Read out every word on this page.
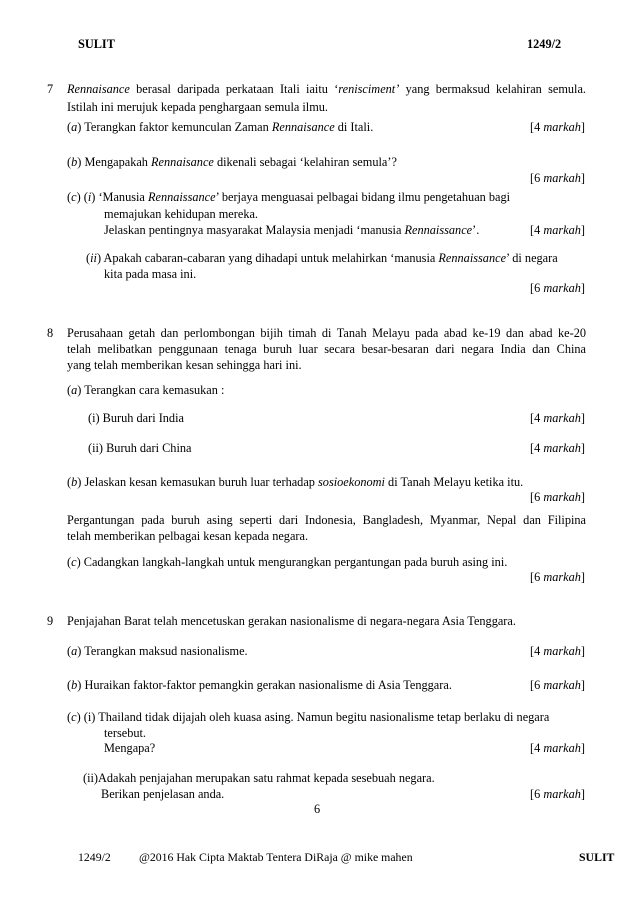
SULIT	1249/2
7 Rennaisance berasal daripada perkataan Itali iaitu ‘renisciment’ yang bermaksud kelahiran semula.
Istilah ini merujuk kepada penghargaan semula ilmu.
(a) Terangkan faktor kemunculan Zaman Rennaisance di Itali.	[4 markah]
(b) Mengapakah Rennaisance dikenali sebagai ‘kelahiran semula’?
[6 markah]
(c) (i) ‘Manusia Rennaissance’ berjaya menguasai pelbagai bidang ilmu pengetahuan bagi
memajukan kehidupan mereka.
Jelaskan pentingnya masyarakat Malaysia menjadi ‘manusia Rennaissance’.	[4 markah]
(ii) Apakah cabaran-cabaran yang dihadapi untuk melahirkan ‘manusia Rennaissance’ di negara
kita pada masa ini.
[6 markah]
8 Perusahaan getah dan perlombongan bijih timah di Tanah Melayu pada abad ke-19 dan abad ke-20
telah melibatkan penggunaan tenaga buruh luar secara besar-besaran dari negara India dan China
yang telah memberikan kesan sehingga hari ini.
(a) Terangkan cara kemasukan :
(i) Buruh dari India	[4 markah]
(ii) Buruh dari China	[4 markah]
(b) Jelaskan kesan kemasukan buruh luar terhadap sosioekonomi di Tanah Melayu ketika itu.
[6 markah]
Pergantungan pada buruh asing seperti dari Indonesia, Bangladesh, Myanmar, Nepal dan Filipina
telah memberikan pelbagai kesan kepada negara.
(c) Cadangkan langkah-langkah untuk mengurangkan pergantungan pada buruh asing ini.
[6 markah]
9 Penjajahan Barat telah mencetuskan gerakan nasionalisme di negara-negara Asia Tenggara.
(a) Terangkan maksud nasionalisme.	[4 markah]
(b) Huraikan faktor-faktor pemangkin gerakan nasionalisme di Asia Tenggara.	[6 markah]
(c) (i) Thailand tidak dijajah oleh kuasa asing. Namun begitu nasionalisme tetap berlaku di negara
tersebut.
Mengapa?	[4 markah]
(ii)Adakah penjajahan merupakan satu rahmat kepada sesebuah negara.
Berikan penjelasan anda.	[6 markah]
6
1249/2 @2016 Hak Cipta Maktab Tentera DiRaja @ mike mahen	SULIT
